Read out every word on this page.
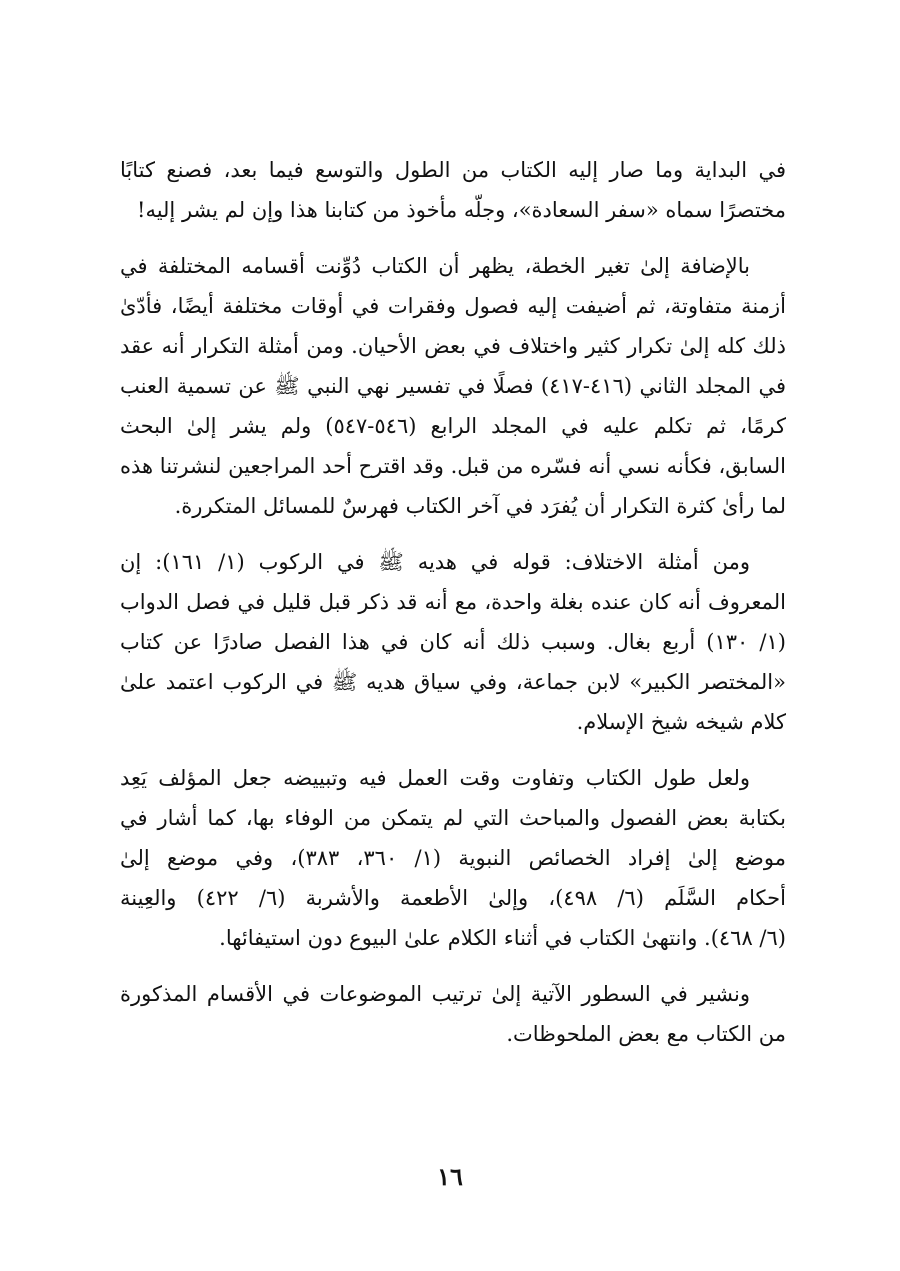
في البداية وما صار إليه الكتاب من الطول والتوسع فيما بعد، فصنع كتابًا
مختصرًا سماه «سفر السعادة»، وجلّه مأخوذ من كتابنا هذا وإن لم يشر إليه!
بالإضافة إلىٰ تغير الخطة، يظهر أن الكتاب دُوِّنت أقسامه المختلفة في
أزمنة متفاوتة، ثم أضيفت إليه فصول وفقرات في أوقات مختلفة أيضًا، فأدّىٰ
ذلك كله إلىٰ تكرار كثير واختلاف في بعض الأحيان. ومن أمثلة التكرار أنه عقد
في المجلد الثاني (٤١٦-٤١٧) فصلًا في تفسير نهي النبي ﷺ عن تسمية العنب
كرمًا، ثم تكلم عليه في المجلد الرابع (٥٤٦-٥٤٧) ولم يشر إلىٰ البحث
السابق، فكأنه نسي أنه فسّره من قبل. وقد اقترح أحد المراجعين لنشرتنا هذه
لما رأىٰ كثرة التكرار أن يُفرَد في آخر الكتاب فهرسٌ للمسائل المتكررة.
ومن أمثلة الاختلاف: قوله في هديه ﷺ في الركوب (١/ ١٦١): إن
المعروف أنه كان عنده بغلة واحدة، مع أنه قد ذكر قبل قليل في فصل الدواب
(١/ ١٣٠) أربع بغال. وسبب ذلك أنه كان في هذا الفصل صادرًا عن كتاب
«المختصر الكبير» لابن جماعة، وفي سياق هديه ﷺ في الركوب اعتمد علىٰ
كلام شيخه شيخ الإسلام.
ولعل طول الكتاب وتفاوت وقت العمل فيه وتبييضه جعل المؤلف يَعِد
بكتابة بعض الفصول والمباحث التي لم يتمكن من الوفاء بها، كما أشار في
موضع إلىٰ إفراد الخصائص النبوية (١/ ٣٦٠، ٣٨٣)، وفي موضع إلىٰ
أحكام السَّلَم (٦/ ٤٩٨)، وإلىٰ الأطعمة والأشربة (٦/ ٤٢٢) والعِينة
(٦/ ٤٦٨). وانتهىٰ الكتاب في أثناء الكلام علىٰ البيوع دون استيفائها.
ونشير في السطور الآتية إلىٰ ترتيب الموضوعات في الأقسام المذكورة
من الكتاب مع بعض الملحوظات.
١٦
